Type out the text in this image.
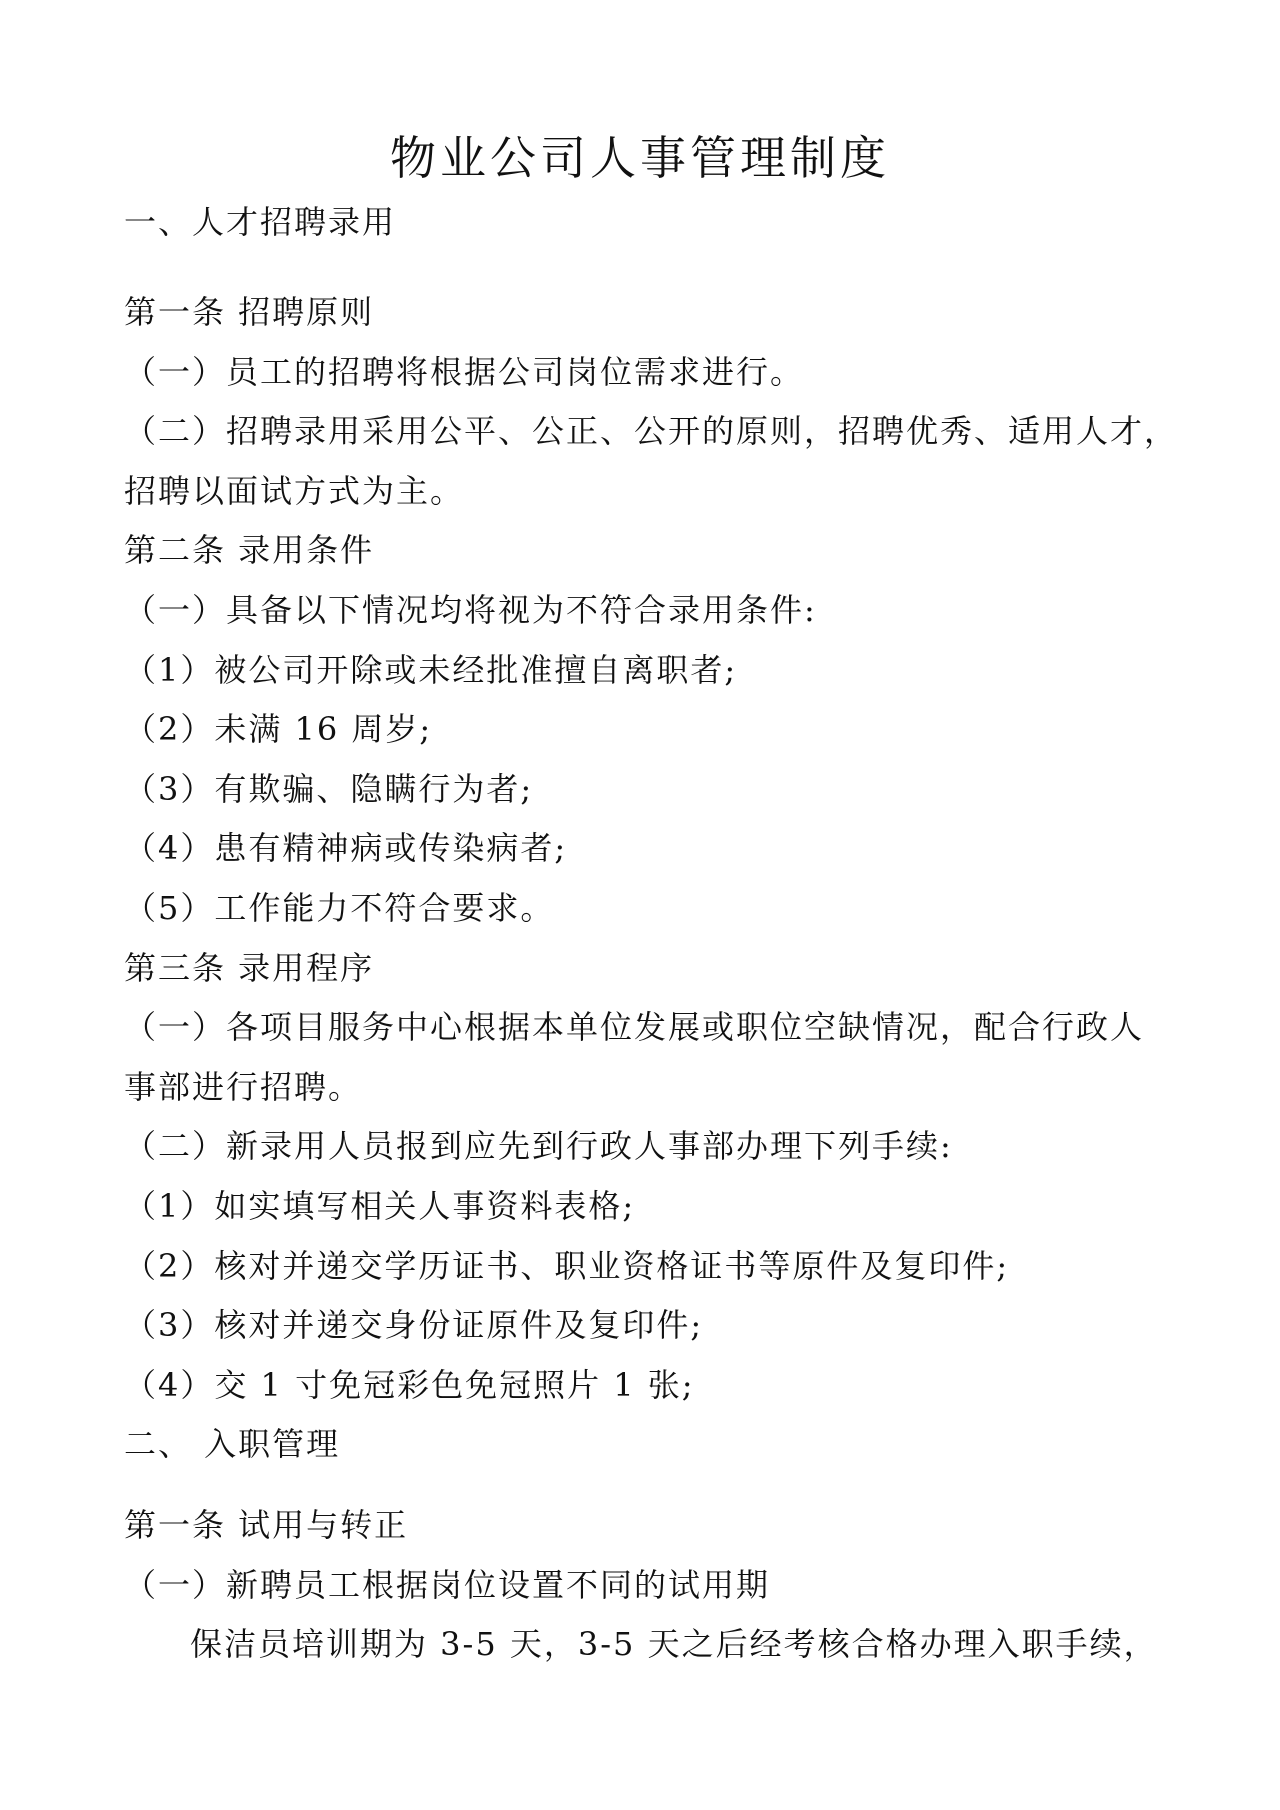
物业公司人事管理制度

一、人才招聘录用

第一条 招聘原则

（一）员工的招聘将根据公司岗位需求进行。

（二）招聘录用采用公平、公正、公开的原则，招聘优秀、适用人才，

招聘以面试方式为主。

第二条 录用条件

（一）具备以下情况均将视为不符合录用条件:

（1）被公司开除或未经批准擅自离职者;

（2）未满 16 周岁;

（3）有欺骗、隐瞒行为者;

（4）患有精神病或传染病者;

（5）工作能力不符合要求。

第三条 录用程序

（一）各项目服务中心根据本单位发展或职位空缺情况，配合行政人

事部进行招聘。

（二）新录用人员报到应先到行政人事部办理下列手续:

（1）如实填写相关人事资料表格;

（2）核对并递交学历证书、职业资格证书等原件及复印件;

（3）核对并递交身份证原件及复印件;

（4）交 1 寸免冠彩色免冠照片 1 张;

二、 入职管理

第一条 试用与转正

（一）新聘员工根据岗位设置不同的试用期

保洁员培训期为 3-5 天，3-5 天之后经考核合格办理入职手续，
